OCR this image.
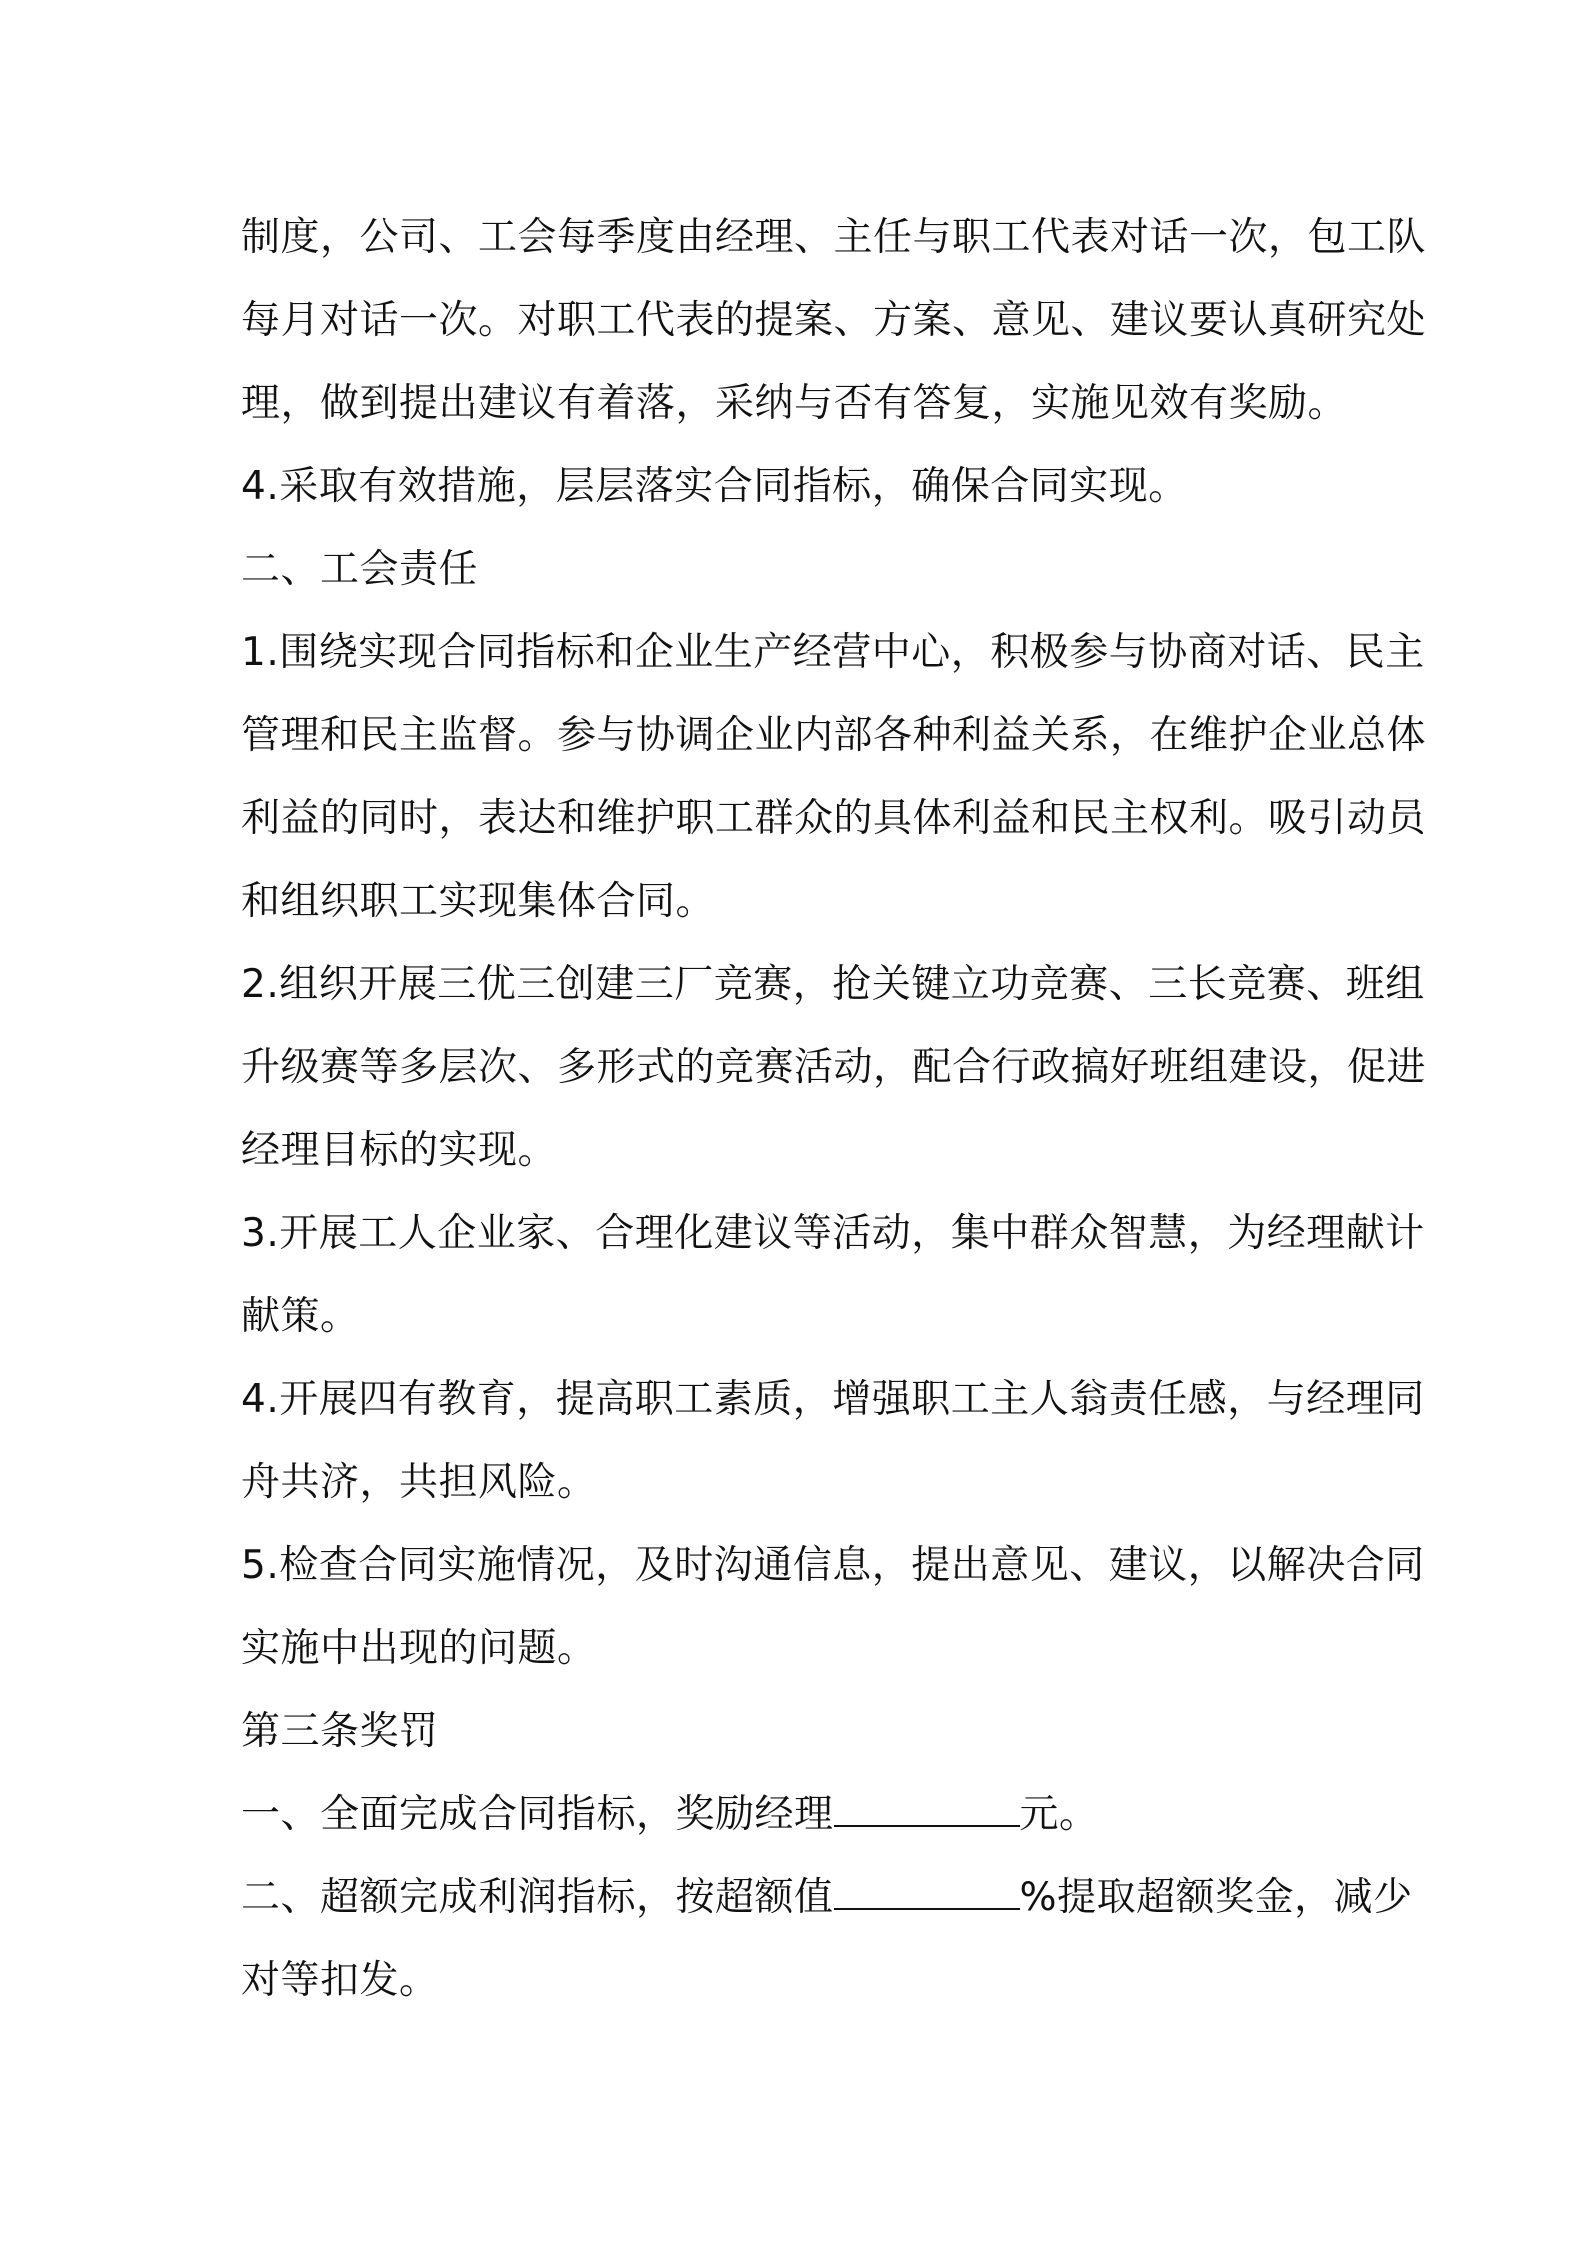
制度，公司、工会每季度由经理、主任与职工代表对话一次，包工队
每月对话一次。对职工代表的提案、方案、意见、建议要认真研究处
理，做到提出建议有着落，采纳与否有答复，实施见效有奖励。
4.采取有效措施，层层落实合同指标，确保合同实现。
二、工会责任
1.围绕实现合同指标和企业生产经营中心，积极参与协商对话、民主
管理和民主监督。参与协调企业内部各种利益关系，在维护企业总体
利益的同时，表达和维护职工群众的具体利益和民主权利。吸引动员
和组织职工实现集体合同。
2.组织开展三优三创建三厂竞赛，抢关键立功竞赛、三长竞赛、班组
升级赛等多层次、多形式的竞赛活动，配合行政搞好班组建设，促进
经理目标的实现。
3.开展工人企业家、合理化建议等活动，集中群众智慧，为经理献计
献策。
4.开展四有教育，提高职工素质，增强职工主人翁责任感，与经理同
舟共济，共担风险。
5.检查合同实施情况，及时沟通信息，提出意见、建议，以解决合同
实施中出现的问题。
第三条奖罚
一、全面完成合同指标，奖励经理	元。
二、超额完成利润指标，按超额值	%提取超额奖金，减少
对等扣发。
